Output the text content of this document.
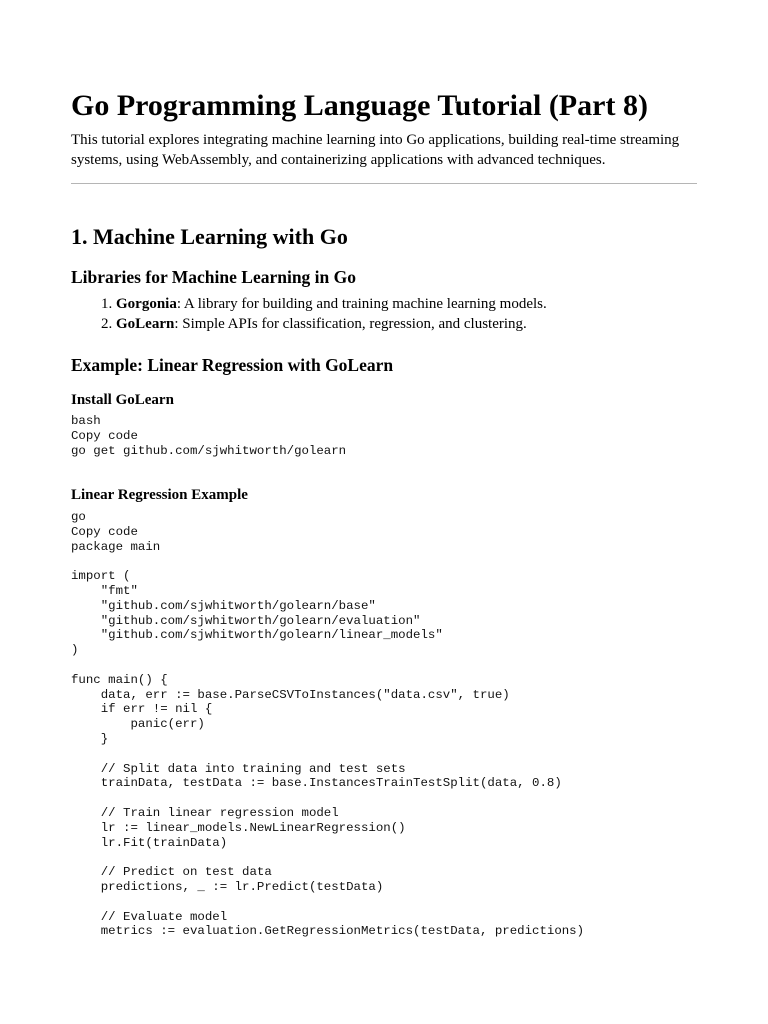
Go Programming Language Tutorial (Part 8)

This tutorial explores integrating machine learning into Go applications, building real-time streaming systems, using WebAssembly, and containerizing applications with advanced techniques.

1. Machine Learning with Go
Libraries for Machine Learning in Go
1. Gorgonia: A library for building and training machine learning models.
2. GoLearn: Simple APIs for classification, regression, and clustering.
Example: Linear Regression with GoLearn
Install GoLearn
bash
Copy code
go get github.com/sjwhitworth/golearn
Linear Regression Example
go
Copy code
package main

import (
"fmt"
"github.com/sjwhitworth/golearn/base"
"github.com/sjwhitworth/golearn/evaluation"
"github.com/sjwhitworth/golearn/linear_models"
)

func main() {
data, err := base.ParseCSVToInstances("data.csv", true)
if err != nil {
panic(err)
}

// Split data into training and test sets
trainData, testData := base.InstancesTrainTestSplit(data, 0.8)

// Train linear regression model
lr := linear_models.NewLinearRegression()
lr.Fit(trainData)

// Predict on test data
predictions, _ := lr.Predict(testData)

// Evaluate model
metrics := evaluation.GetRegressionMetrics(testData, predictions)
